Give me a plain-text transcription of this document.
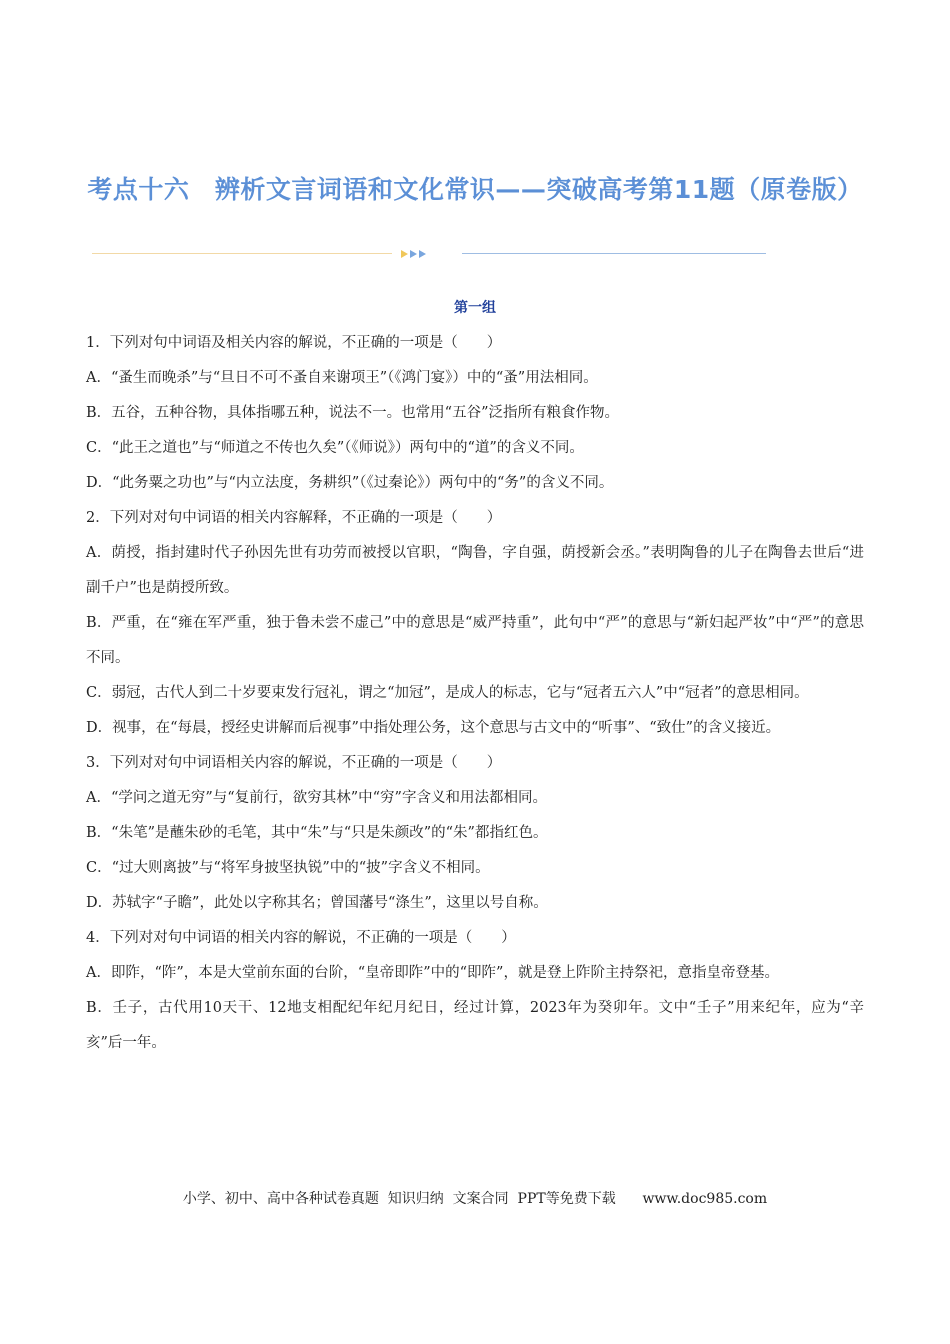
考点十六　辨析文言词语和文化常识——突破高考第11题（原卷版）
第一组

1．下列对句中词语及相关内容的解说，不正确的一项是（　　）

A．“蚤生而晚杀”与“旦日不可不蚤自来谢项王”（《鸿门宴》）中的“蚤”用法相同。

B．五谷，五种谷物，具体指哪五种，说法不一。也常用“五谷”泛指所有粮食作物。

C．“此王之道也”与“师道之不传也久矣”（《师说》）两句中的“道”的含义不同。

D．“此务粟之功也”与“内立法度，务耕织”（《过秦论》）两句中的“务”的含义不同。

2．下列对对句中词语的相关内容解释，不正确的一项是（　　）

A．荫授，指封建时代子孙因先世有功劳而被授以官职，“陶鲁，字自强，荫授新会丞。”表明陶鲁的儿子在陶鲁去世后“进副千户”也是荫授所致。

B．严重，在“雍在军严重，独于鲁未尝不虚己”中的意思是“威严持重”，此句中“严”的意思与“新妇起严妆”中“严”的意思不同。

C．弱冠，古代人到二十岁要束发行冠礼，谓之“加冠”，是成人的标志，它与“冠者五六人”中“冠者”的意思相同。

D．视事，在“每晨，授经史讲解而后视事”中指处理公务，这个意思与古文中的“听事”、“致仕”的含义接近。

3．下列对对句中词语相关内容的解说，不正确的一项是（　　）

A．“学问之道无穷”与“复前行，欲穷其林”中“穷”字含义和用法都相同。

B．“朱笔”是蘸朱砂的毛笔，其中“朱”与“只是朱颜改”的“朱”都指红色。

C．“过大则离披”与“将军身披坚执锐”中的“披”字含义不相同。

D．苏轼字“子瞻”，此处以字称其名；曾国藩号“涤生”，这里以号自称。

4．下列对对句中词语的相关内容的解说，不正确的一项是（　　）

A．即阼，“阼”，本是大堂前东面的台阶，“皇帝即阼”中的“即阼”，就是登上阼阶主持祭祀，意指皇帝登基。

B．壬子，古代用10天干、12地支相配纪年纪月纪日，经过计算，2023年为癸卯年。文中“壬子”用来纪年，应为“辛亥”后一年。

小学、初中、高中各种试卷真题  知识归纳  文案合同  PPT等免费下载      www.doc985.com
